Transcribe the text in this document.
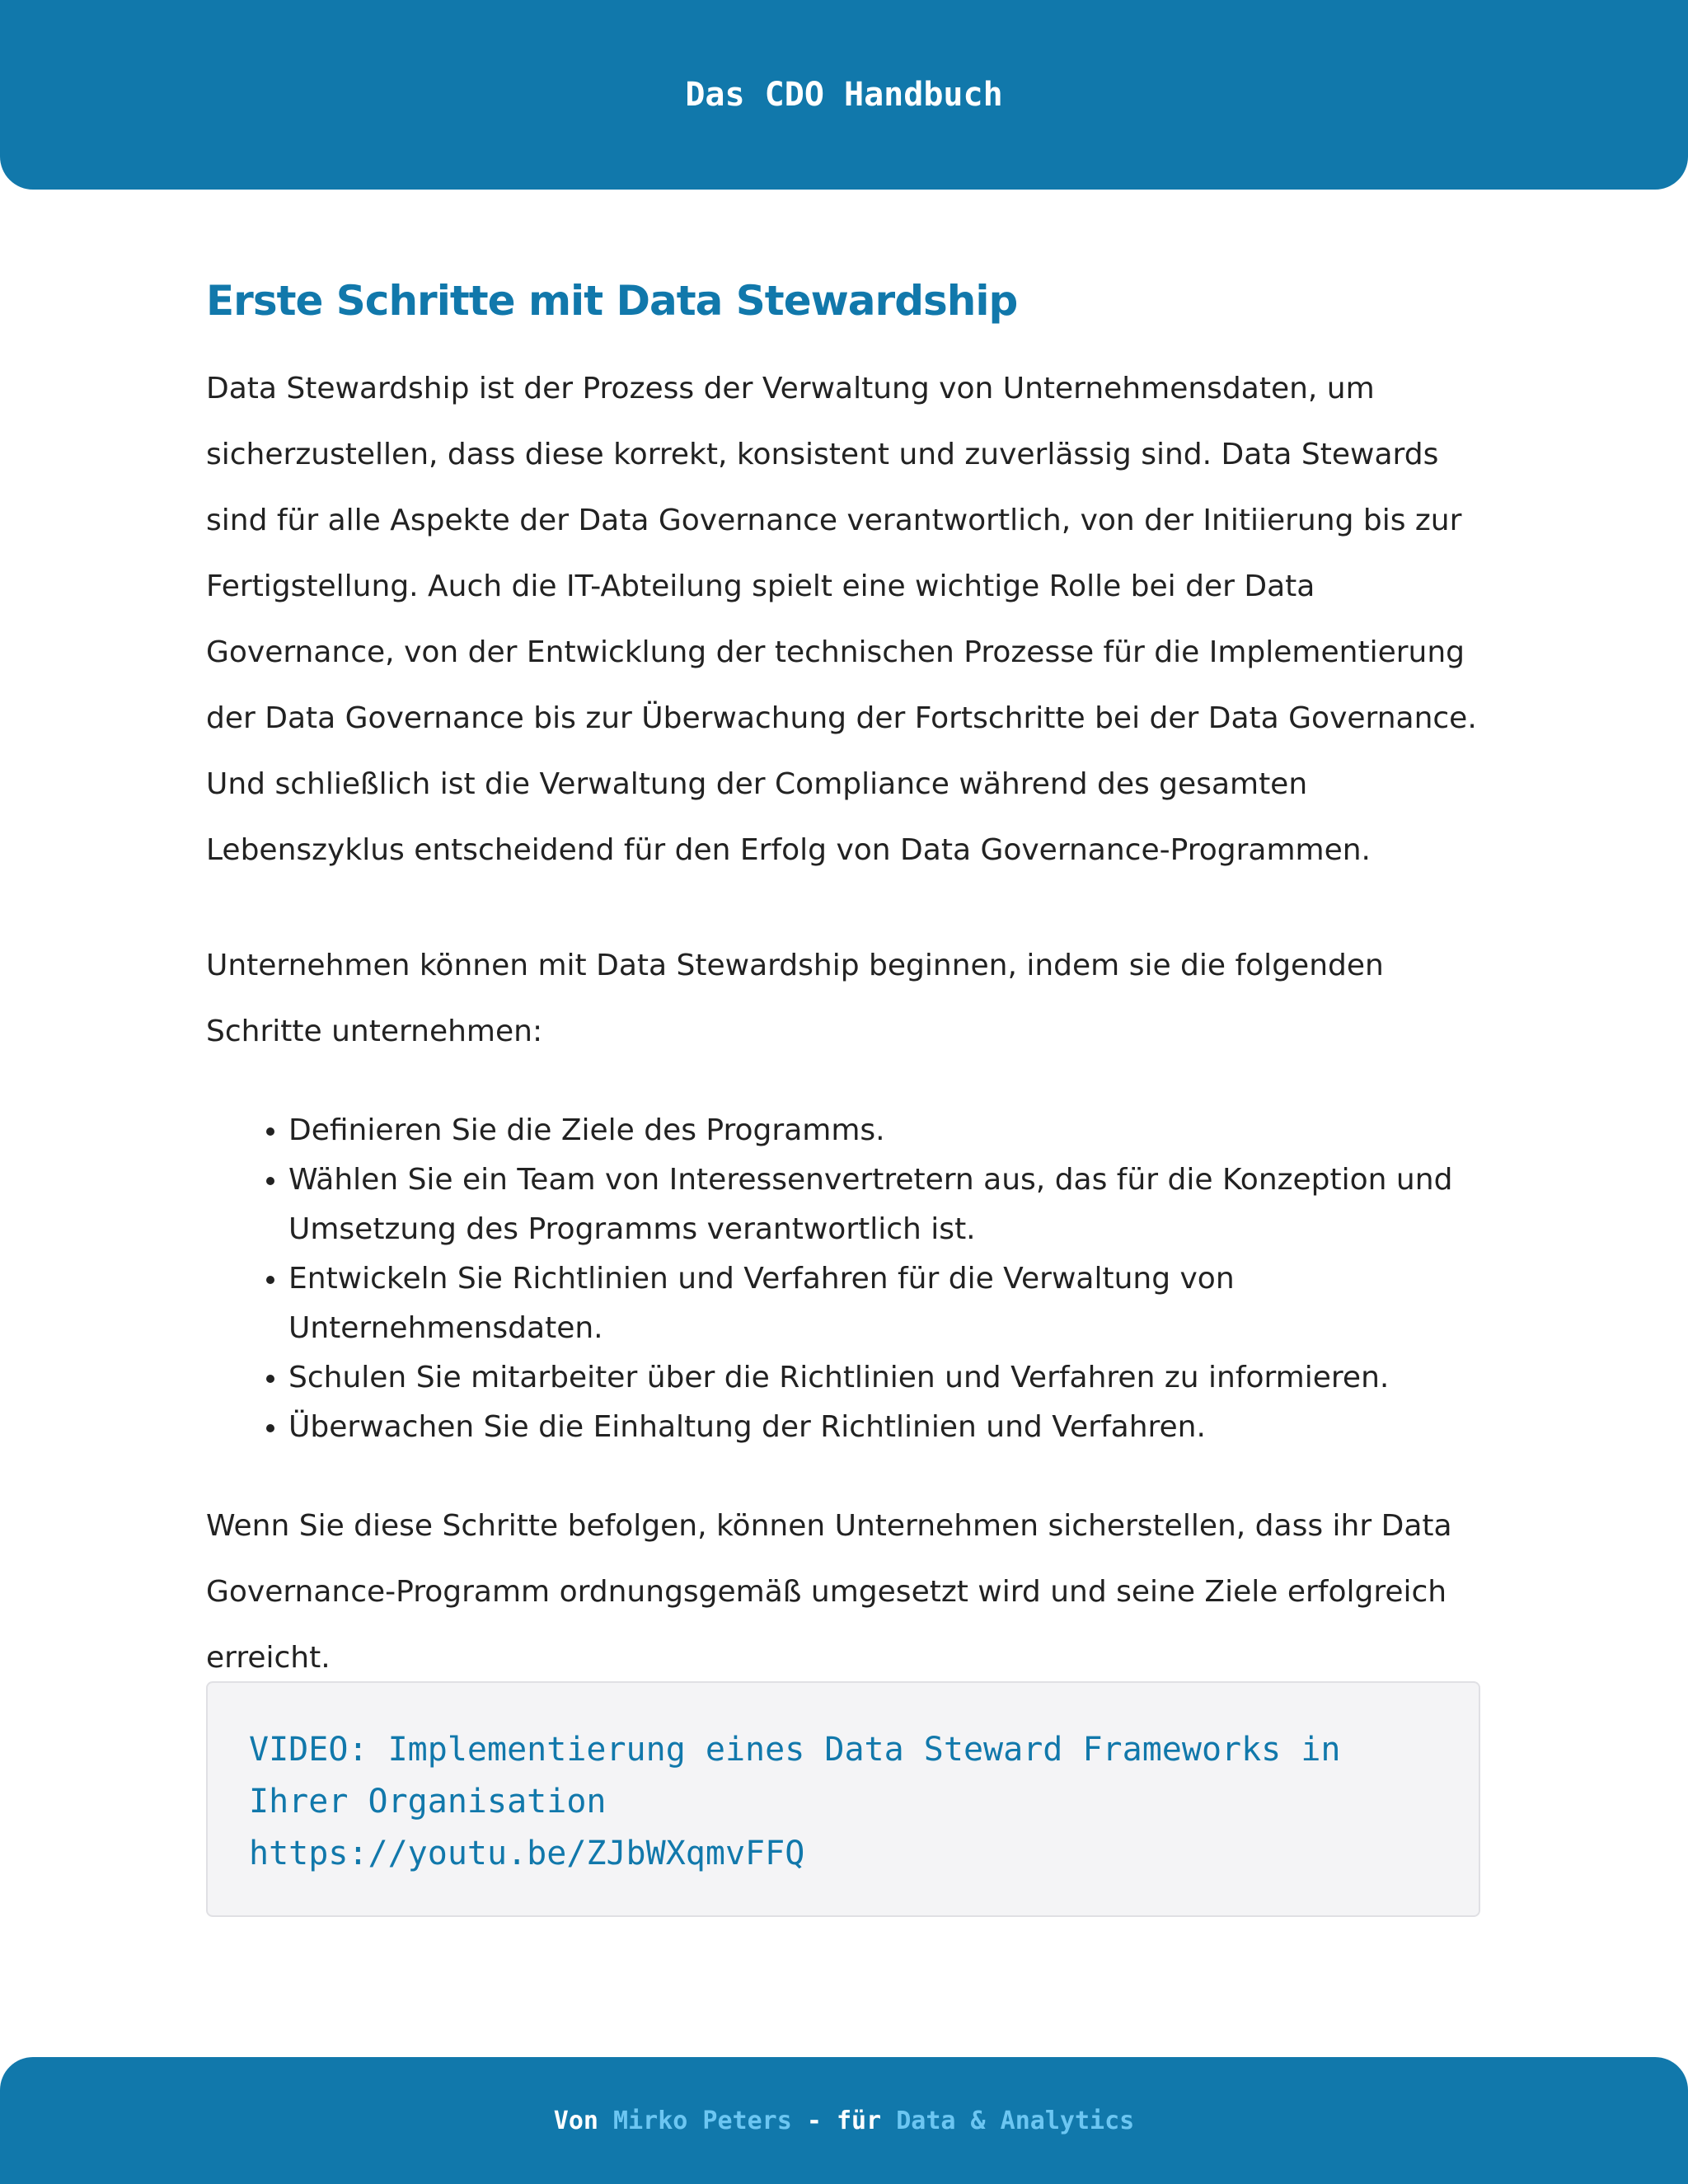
Das CDO Handbuch
Erste Schritte mit Data Stewardship

Data Stewardship ist der Prozess der Verwaltung von Unternehmensdaten, um sicherzustellen, dass diese korrekt, konsistent und zuverlässig sind. Data Stewards sind für alle Aspekte der Data Governance verantwortlich, von der Initiierung bis zur Fertigstellung. Auch die IT-Abteilung spielt eine wichtige Rolle bei der Data Governance, von der Entwicklung der technischen Prozesse für die Implementierung der Data Governance bis zur Überwachung der Fortschritte bei der Data Governance. Und schließlich ist die Verwaltung der Compliance während des gesamten Lebenszyklus entscheidend für den Erfolg von Data Governance-Programmen.

Unternehmen können mit Data Stewardship beginnen, indem sie die folgenden Schritte unternehmen:

• Definieren Sie die Ziele des Programms.
• Wählen Sie ein Team von Interessenvertretern aus, das für die Konzeption und Umsetzung des Programms verantwortlich ist.
• Entwickeln Sie Richtlinien und Verfahren für die Verwaltung von Unternehmensdaten.
• Schulen Sie mitarbeiter über die Richtlinien und Verfahren zu informieren.
• Überwachen Sie die Einhaltung der Richtlinien und Verfahren.

Wenn Sie diese Schritte befolgen, können Unternehmen sicherstellen, dass ihr Data Governance-Programm ordnungsgemäß umgesetzt wird und seine Ziele erfolgreich erreicht.

VIDEO: Implementierung eines Data Steward Frameworks in Ihrer Organisation
https://youtu.be/ZJbWXqmvFFQ
Von
Mirko Peters
- für
Data & Analytics
